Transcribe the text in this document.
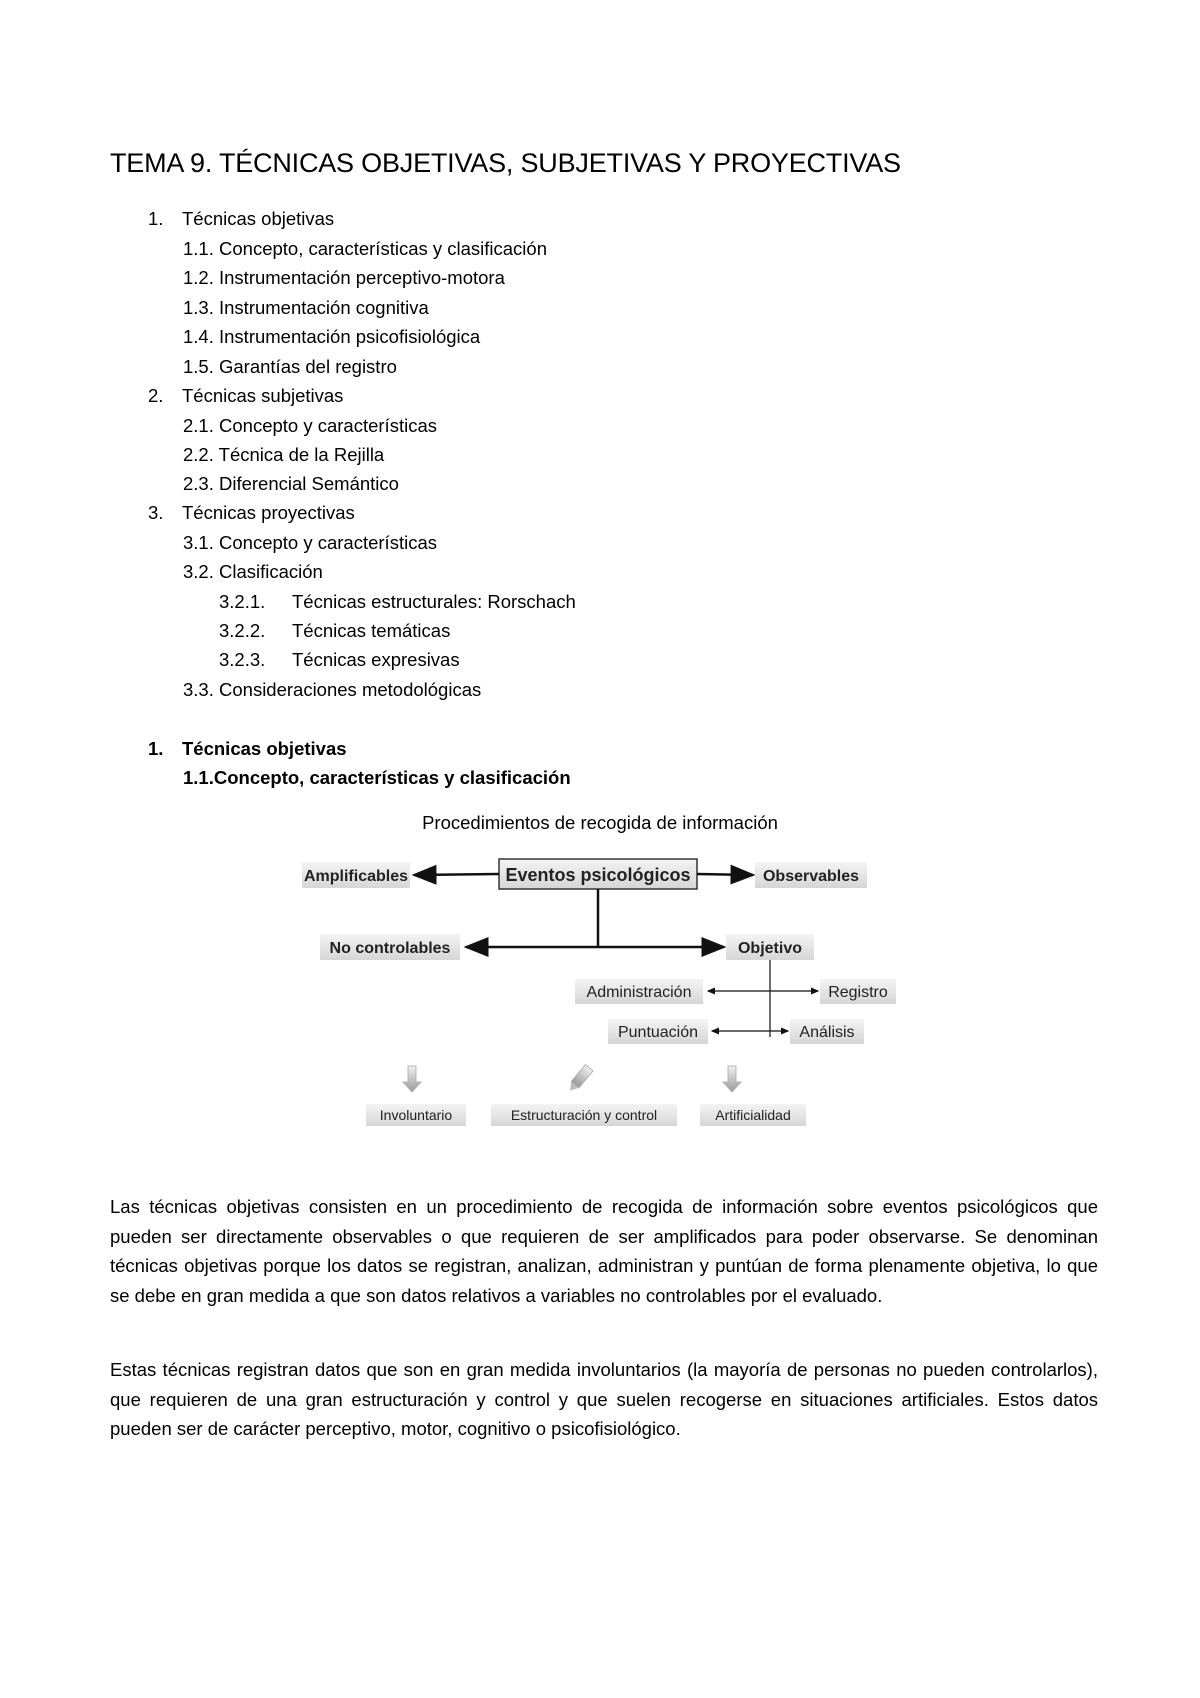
TEMA 9. TÉCNICAS OBJETIVAS, SUBJETIVAS Y PROYECTIVAS
1. Técnicas objetivas
1.1. Concepto, características y clasificación
1.2. Instrumentación perceptivo-motora
1.3. Instrumentación cognitiva
1.4. Instrumentación psicofisiológica
1.5. Garantías del registro
2. Técnicas subjetivas
2.1. Concepto y características
2.2. Técnica de la Rejilla
2.3. Diferencial Semántico
3. Técnicas proyectivas
3.1. Concepto y características
3.2. Clasificación
3.2.1. Técnicas estructurales: Rorschach
3.2.2. Técnicas temáticas
3.2.3. Técnicas expresivas
3.3. Consideraciones metodológicas
1. Técnicas objetivas
1.1.Concepto, características y clasificación
Procedimientos de recogida de información
Eventos psicológicos
Amplificables	Observables
No controlables	Objetivo
Administración	Registro
Puntuación	Análisis
Involuntario	Estructuración y control	Artificialidad

Las técnicas objetivas consisten en un procedimiento de recogida de información sobre eventos psicológicos que pueden ser directamente observables o que requieren de ser amplificados para poder observarse. Se denominan técnicas objetivas porque los datos se registran, analizan, administran y puntúan de forma plenamente objetiva, lo que se debe en gran medida a que son datos relativos a variables no controlables por el evaluado.

Estas técnicas registran datos que son en gran medida involuntarios (la mayoría de personas no pueden controlarlos), que requieren de una gran estructuración y control y que suelen recogerse en situaciones artificiales. Estos datos pueden ser de carácter perceptivo, motor, cognitivo o psicofisiológico.
